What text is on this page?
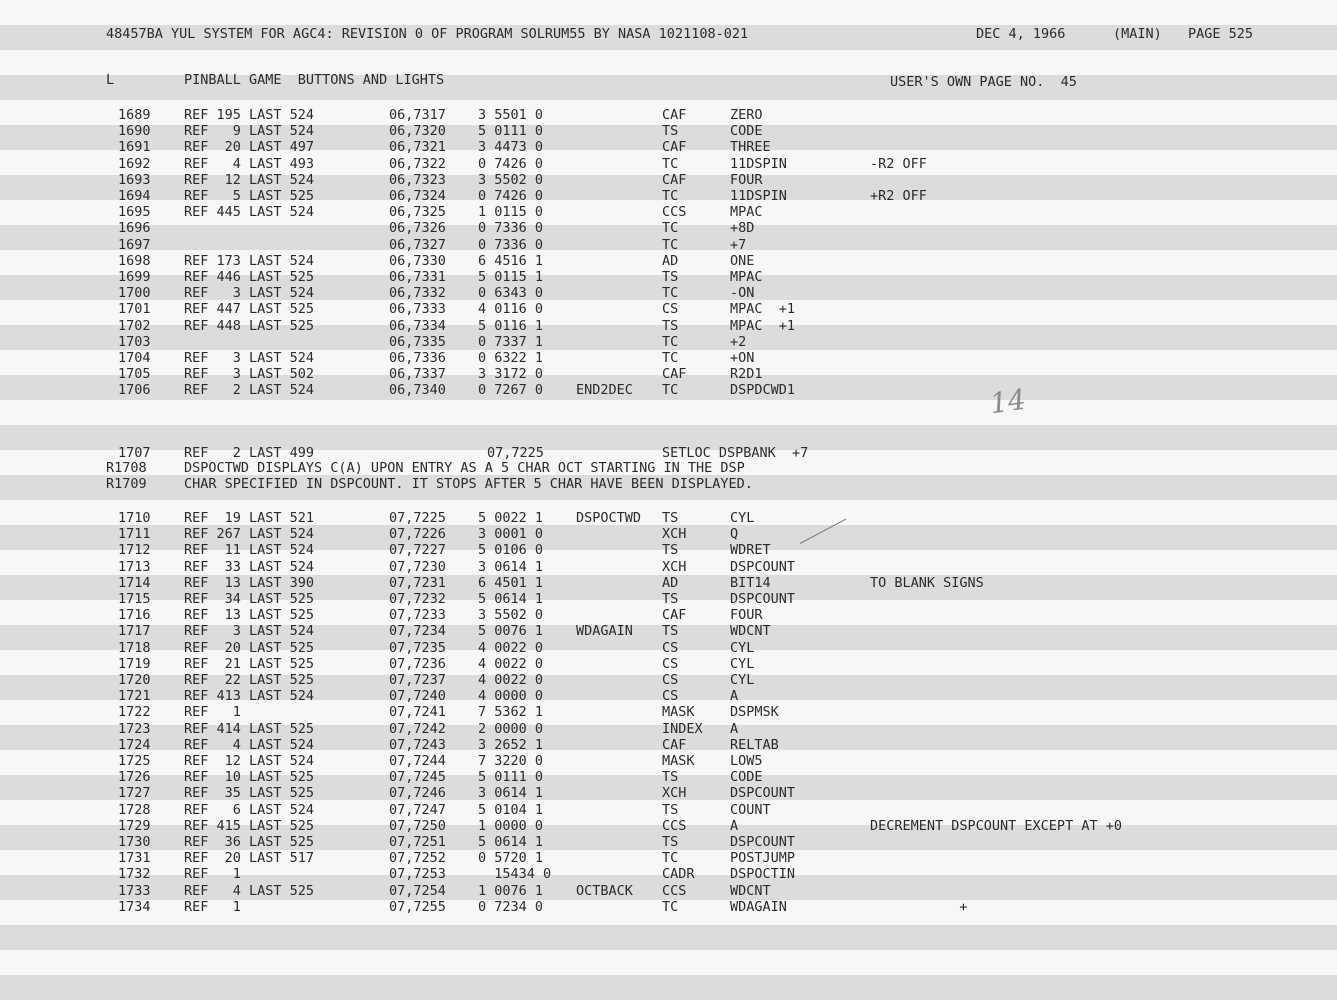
48457BA YUL SYSTEM FOR AGC4: REVISION 0 OF PROGRAM SOLRUM55 BY NASA 1021108-021	DEC 4, 1966	(MAIN) PAGE 525
L	PINBALL GAME  BUTTONS AND LIGHTS	USER'S OWN PAGE NO.  45
1689 REF 195 LAST 524	06,7317 3 5501 0	CAF	ZERO
1690 REF   9 LAST 524	06,7320 5 0111 0	TS	CODE
1691 REF  20 LAST 497	06,7321 3 4473 0	CAF	THREE
1692 REF   4 LAST 493	06,7322 0 7426 0	TC	11DSPIN	-R2 OFF
1693 REF  12 LAST 524	06,7323 3 5502 0	CAF	FOUR
1694 REF   5 LAST 525	06,7324 0 7426 0	TC	11DSPIN	+R2 OFF
1695 REF 445 LAST 524	06,7325 1 0115 0	CCS	MPAC
1696	06,7326 0 7336 0	TC	+8D
1697	06,7327 0 7336 0	TC	+7
1698 REF 173 LAST 524	06,7330 6 4516 1	AD	ONE
1699 REF 446 LAST 525	06,7331 5 0115 1	TS	MPAC
1700 REF   3 LAST 524	06,7332 0 6343 0	TC	-ON
1701 REF 447 LAST 525	06,7333 4 0116 0	CS	MPAC  +1
1702 REF 448 LAST 525	06,7334 5 0116 1	TS	MPAC  +1
1703	06,7335 0 7337 1	TC	+2
1704 REF   3 LAST 524	06,7336 0 6322 1	TC	+ON
1705 REF   3 LAST 502	06,7337 3 3172 0	CAF	R2D1
1706 REF   2 LAST 524	06,7340 0 7267 0 END2DEC TC	DSPDCWD1	14
1707 REF   2 LAST 499	07,7225	SETLOC DSPBANK  +7
R1708	DSPOCTWD DISPLAYS C(A) UPON ENTRY AS A 5 CHAR OCT STARTING IN THE DSP
R1709	CHAR SPECIFIED IN DSPCOUNT. IT STOPS AFTER 5 CHAR HAVE BEEN DISPLAYED.
1710 REF  19 LAST 521	07,7225 5 0022 1 DSPOCTWD TS	CYL
1711 REF 267 LAST 524	07,7226 3 0001 0	XCH	Q
1712 REF  11 LAST 524	07,7227 5 0106 0	TS	WDRET
1713 REF  33 LAST 524	07,7230 3 0614 1	XCH	DSPCOUNT
1714 REF  13 LAST 390	07,7231 6 4501 1	AD	BIT14	TO BLANK SIGNS
1715 REF  34 LAST 525	07,7232 5 0614 1	TS	DSPCOUNT
1716 REF  13 LAST 525	07,7233 3 5502 0	CAF	FOUR
1717 REF   3 LAST 524	07,7234 5 0076 1 WDAGAIN TS	WDCNT
1718 REF  20 LAST 525	07,7235 4 0022 0	CS	CYL
1719 REF  21 LAST 525	07,7236 4 0022 0	CS	CYL
1720 REF  22 LAST 525	07,7237 4 0022 0	CS	CYL
1721 REF 413 LAST 524	07,7240 4 0000 0	CS	A
1722 REF   1	07,7241 7 5362 1	MASK	DSPMSK
1723 REF 414 LAST 525	07,7242 2 0000 0	INDEX A
1724 REF   4 LAST 524	07,7243 3 2652 1	CAF	RELTAB
1725 REF  12 LAST 524	07,7244 7 3220 0	MASK	LOW5
1726 REF  10 LAST 525	07,7245 5 0111 0	TS	CODE
1727 REF  35 LAST 525	07,7246 3 0614 1	XCH	DSPCOUNT
1728 REF   6 LAST 524	07,7247 5 0104 1	TS	COUNT
1729 REF 415 LAST 525	07,7250 1 0000 0	CCS	A	DECREMENT DSPCOUNT EXCEPT AT +0
1730 REF  36 LAST 525	07,7251 5 0614 1	TS	DSPCOUNT
1731 REF  20 LAST 517	07,7252 0 5720 1	TC	POSTJUMP
1732 REF   1	07,7253 15434 0	CADR	DSPOCTIN
1733 REF   4 LAST 525	07,7254 1 0076 1 OCTBACK CCS	WDCNT
1734 REF   1	07,7255 0 7234 0	TC	WDAGAIN	+
